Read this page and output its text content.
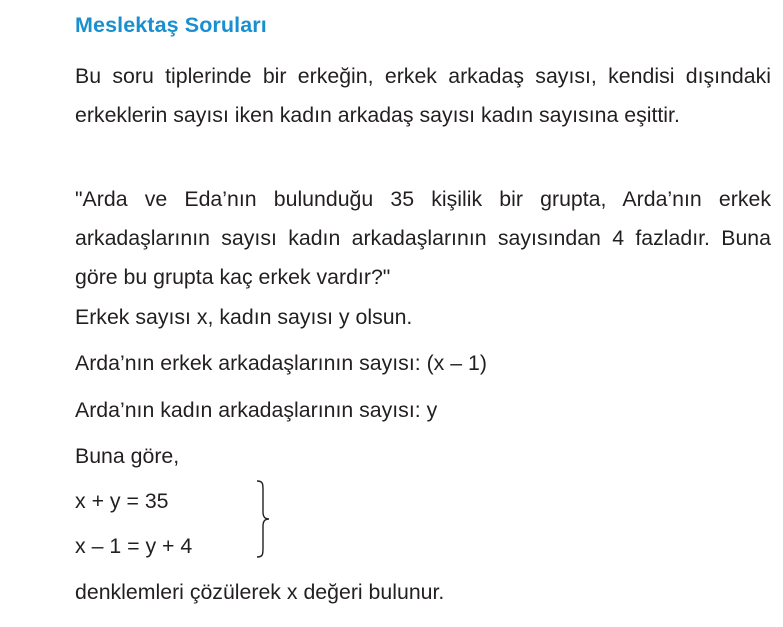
Meslektaş Soruları
Bu soru tiplerinde bir erkeğin, erkek arkadaş sayısı, kendisi dışındaki erkeklerin sayısı iken kadın arkadaş sayısı kadın sayısına eşittir.
"Arda ve Eda’nın bulunduğu 35 kişilik bir grupta, Arda’nın erkek arkadaşlarının sayısı kadın arkadaşlarının sayısından 4 fazladır. Buna göre bu grupta kaç erkek vardır?"
Erkek sayısı x, kadın sayısı y olsun.
Arda’nın erkek arkadaşlarının sayısı: (x – 1)
Arda’nın kadın arkadaşlarının sayısı: y
Buna göre,
x + y = 35
x – 1 = y + 4
denklemleri çözülerek x değeri bulunur.
